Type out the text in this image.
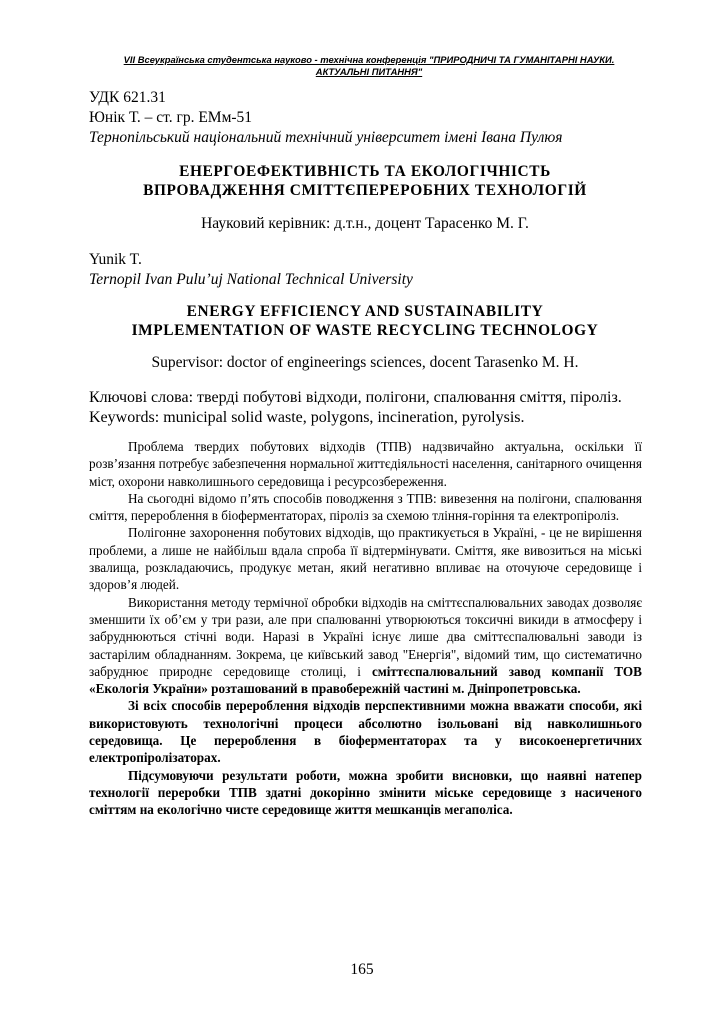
VII Всеукраїнська студентська науково - технічна конференція "ПРИРОДНИЧІ ТА ГУМАНІТАРНІ НАУКИ.
АКТУАЛЬНІ ПИТАННЯ"
УДК 621.31
Юнік Т. – ст. гр. ЕМм-51
Тернопільський національний технічний університет імені Івана Пулюя
ЕНЕРГОЕФЕКТИВНІСТЬ ТА ЕКОЛОГІЧНІСТЬ
ВПРОВАДЖЕННЯ СМІТТЄПЕРЕРОБНИХ ТЕХНОЛОГІЙ
Науковий керівник: д.т.н., доцент Тарасенко М. Г.
Yunik T.
Ternopil Ivan Pulu’uj National Technical University
ENERGY EFFICIENCY AND SUSTAINABILITY
IMPLEMENTATION OF WASTE RECYCLING TECHNOLOGY
Supervisor: doctor of engineerings sciences, docent Tarasenko M. H.
Ключові слова: тверді побутові відходи, полігони, спалювання сміття, піроліз.
Keywords: municipal solid waste, polygons, incineration, pyrolysis.

Проблема твердих побутових відходів (ТПВ) надзвичайно актуальна, оскільки її розв’язання потребує забезпечення нормальної життєдіяльності населення, санітарного очищення міст, охорони навколишнього середовища і ресурсозбереження.

На сьогодні відомо п’ять способів поводження з ТПВ: вивезення на полігони, спалювання сміття, перероблення в біоферментаторах, піроліз за схемою тління-горіння та електропіроліз.

Полігонне захоронення побутових відходів, що практикується в Україні, - це не вирішення проблеми, а лише не найбільш вдала спроба її відтермінувати. Сміття, яке вивозиться на міські звалища, розкладаючись, продукує метан, який негативно впливає на оточуюче середовище і здоров’я людей.

Використання методу термічної обробки відходів на сміттєспалювальних заводах дозволяє зменшити їх об’єм у три рази, але при спалюванні утворюються токсичні викиди в атмосферу і забруднюються стічні води. Наразі в Україні існує лише два сміттєспалювальні заводи із застарілим обладнанням. Зокрема, це київський завод "Енергія", відомий тим, що систематично забруднює природнє середовище столиці, і сміттєспалювальний завод компанії ТОВ «Екологія України» розташований в правобережній частині м. Дніпропетровська.

Зі всіх способів перероблення відходів перспективними можна вважати способи, які використовують технологічні процеси абсолютно ізольовані від навколишнього середовища. Це перероблення в біоферментаторах та у високоенергетичних електропіролізаторах.

Підсумовуючи результати роботи, можна зробити висновки, що наявні натепер технології переробки ТПВ здатні докорінно змінити міське середовище з насиченого сміттям на екологічно чисте середовище життя мешканців мегаполіса.

165
